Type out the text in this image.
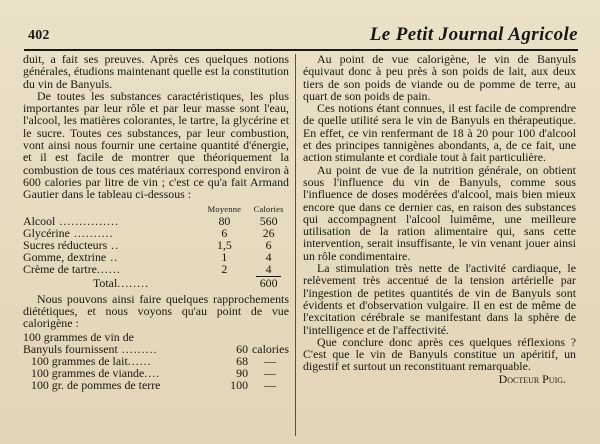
402	Le Petit Journal Agricole

duit, a fait ses preuves. Après ces quelques notions générales, étudions maintenant quelle est la constitution du vin de Banyuls.

De toutes les substances caractéristiques, les plus importantes par leur rôle et par leur masse sont l'eau, l'alcool, les matières colorantes, le tartre, la glycérine et le sucre. Toutes ces substances, par leur combustion, vont ainsi nous fournir une certaine quantité d'énergie, et il est facile de montrer que théoriquement la combustion de tous ces matériaux correspond environ à 600 calories par litre de vin ; c'est ce qu'a fait Armand Gautier dans le tableau ci-dessous :

	Moyenne	Calories
Alcool ...............	80	560
Glycérine ..........	6	26
Sucres réducteurs ..	1,5	6
Gomme, dextrine ..	1	4
Crème de tartre......	2	4

Total........		600

Nous pouvons ainsi faire quelques rapprochements diététiques, et nous voyons qu'au point de vue calorigène :

100 grammes de vin de		
Banyuls fournissent .........	60	calories
100 grammes de lait......	68	—
100 grammes de viande....	90	—
100 gr. de pommes de terre	100	—

Au point de vue calorigène, le vin de Banyuls équivaut donc à peu près à son poids de lait, aux deux tiers de son poids de viande ou de pomme de terre, au quart de son poids de pain.

Ces notions étant connues, il est facile de comprendre de quelle utilité sera le vin de Banyuls en thérapeutique. En effet, ce vin renfermant de 18 à 20 pour 100 d'alcool et des principes tannigènes abondants, a, de ce fait, une action stimulante et cordiale tout à fait particulière.

Au point de vue de la nutrition générale, on obtient sous l'influence du vin de Banyuls, comme sous l'influence de doses modérées d'alcool, mais bien mieux encore que dans ce dernier cas, en raison des substances qui accompagnent l'alcool luimême, une meilleure utilisation de la ration alimentaire qui, sans cette intervention, serait insuffisante, le vin venant jouer ainsi un rôle condimentaire.

La stimulation très nette de l'activité cardiaque, le relèvement très accentué de la tension artérielle par l'ingestion de petites quantités de vin de Banyuls sont évidents et d'observation vulgaire. Il en est de même de l'excitation cérébrale se manifestant dans la sphère de l'intelligence et de l'affectivité.

Que conclure donc après ces quelques réflexions ? C'est que le vin de Banyuls constitue un apéritif, un digestif et surtout un reconstituant remarquable.

Docteur Puig.
